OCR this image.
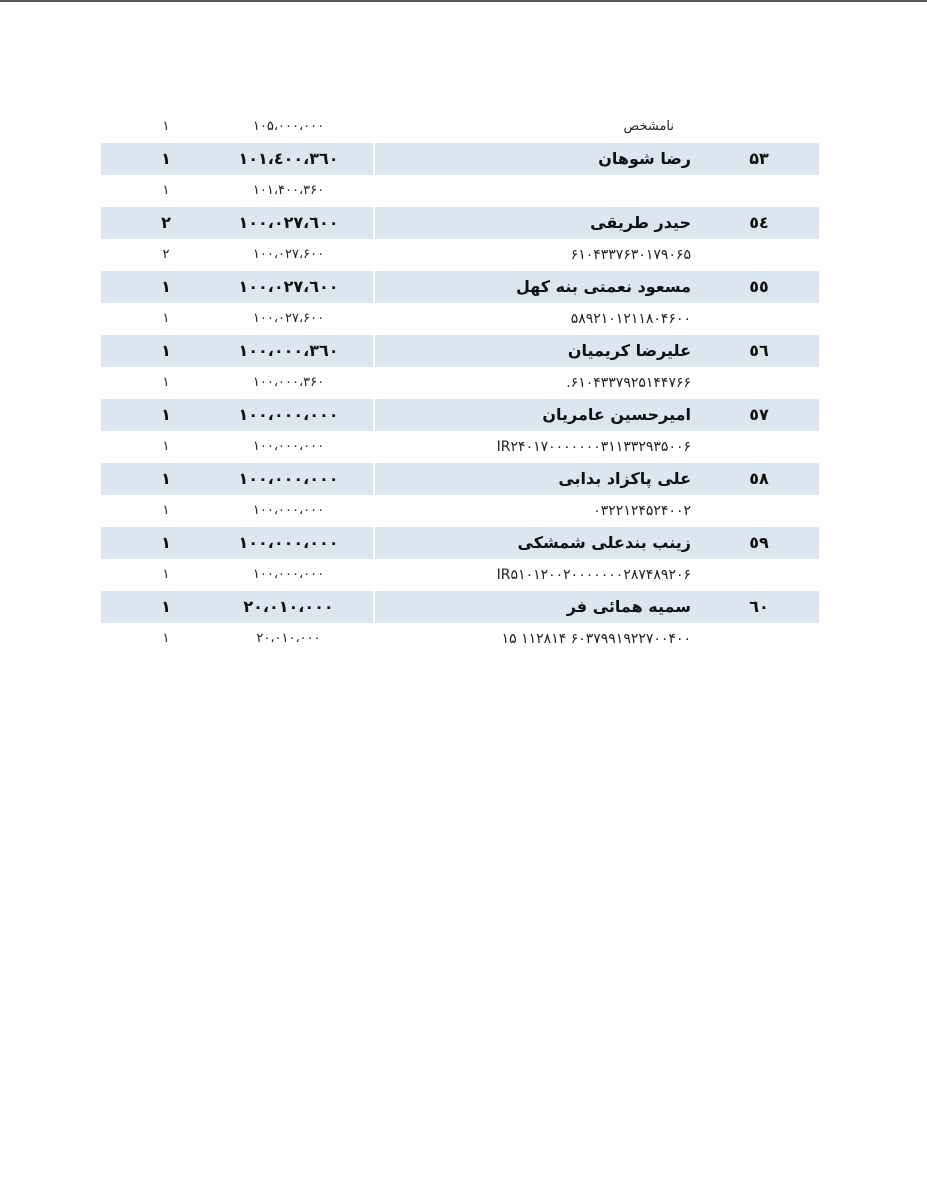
۱	۱۰۵،۰۰۰،۰۰۰	نامشخص
۱	۱۰۱،٤۰۰،۳٦۰	رضا شوهان	۵۳
۱	۱۰۱،۴۰۰،۳۶۰
۲	۱۰۰،۰۲۷،٦۰۰	حیدر طریقی	٥٤
۲	۱۰۰،۰۲۷،۶۰۰	۶۱۰۴۳۳۷۶۳۰۱۷۹۰۶۵
۱	۱۰۰،۰۲۷،٦۰۰	مسعود نعمتی بنه کهل	٥٥
۱	۱۰۰،۰۲۷،۶۰۰	۵۸۹۲۱۰۱۲۱۱۸۰۴۶۰۰
۱	۱۰۰،۰۰۰،۳٦۰	علیرضا کریمیان	٥٦
۱	۱۰۰،۰۰۰،۳۶۰	۶۱۰۴۳۳۷۹۲۵۱۴۴۷۶۶.
۱	۱۰۰،۰۰۰،۰۰۰	امیرحسین عامریان	٥۷
۱	۱۰۰،۰۰۰،۰۰۰	IR۲۴۰۱۷۰۰۰۰۰۰۰۳۱۱۳۳۲۹۳۵۰۰۶
۱	۱۰۰،۰۰۰،۰۰۰	علی پاکزاد بدابی	٥۸
۱	۱۰۰،۰۰۰،۰۰۰	۰۳۲۲۱۲۴۵۲۴۰۰۲
۱	۱۰۰،۰۰۰،۰۰۰	زینب بندعلی شمشکی	٥۹
۱	۱۰۰،۰۰۰،۰۰۰	IR۵۱۰۱۲۰۰۲۰۰۰۰۰۰۰۲۸۷۴۸۹۲۰۶
۱	۲۰،۰۱۰،۰۰۰	سمیه همائی فر	٦۰
۱	۲۰،۰۱۰،۰۰۰	۶۰۳۷۹۹۱۹۲۲۷۰۰۴۰۰ ۱۱۲۸۱۴ ۱۵
